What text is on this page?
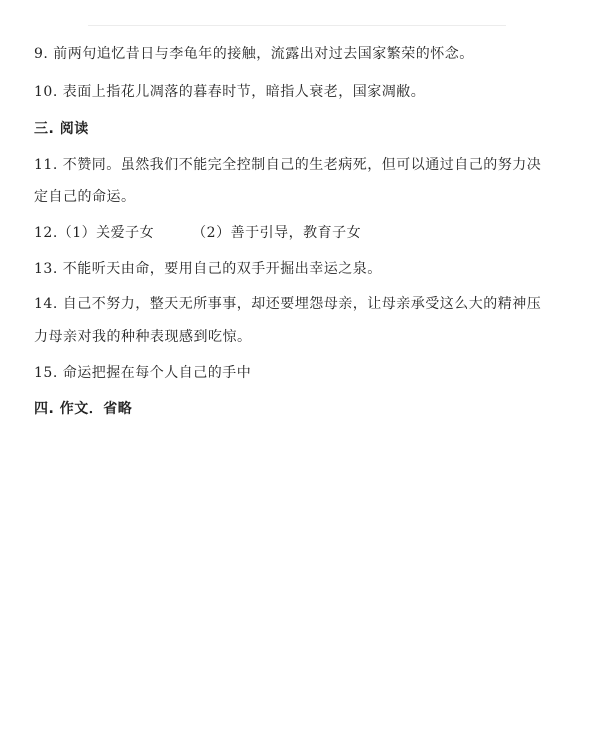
9. 前两句追忆昔日与李龟年的接触，流露出对过去国家繁荣的怀念。
10. 表面上指花儿凋落的暮春时节，暗指人衰老，国家凋敝。
三. 阅读
11. 不赞同。虽然我们不能完全控制自己的生老病死，但可以通过自己的努力决
定自己的命运。
12.（1）关爱子女	（2）善于引导，教育子女
13. 不能听天由命，要用自己的双手开掘出幸运之泉。
14. 自己不努力，整天无所事事，却还要埋怨母亲，让母亲承受这么大的精神压
力母亲对我的种种表现感到吃惊。
15. 命运把握在每个人自己的手中
四. 作文．省略
